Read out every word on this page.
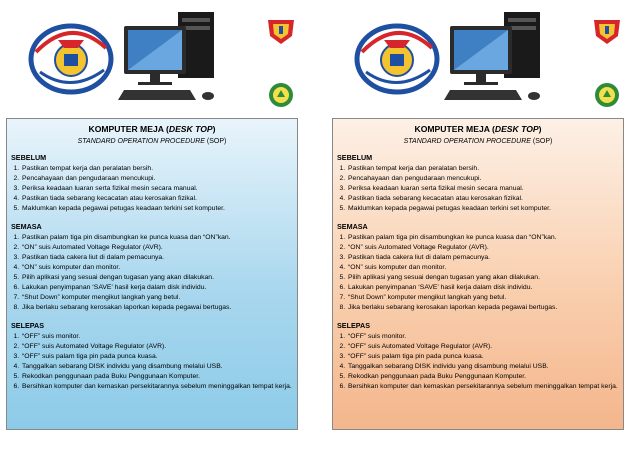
KOMPUTER MEJA (DESK TOP)
STANDARD OPERATION PROCEDURE (SOP)
SEBELUM
1. Pastikan tempat kerja dan peralatan bersih.
2. Pencahayaan dan pengudaraan mencukupi.
3. Periksa keadaan luaran serta fizikal mesin secara manual.
4. Pastikan tiada sebarang kecacatan atau kerosakan fizikal.
5. Maklumkan kepada pegawai petugas keadaan terkini set komputer.
SEMASA
1. Pastikan palam tiga pin disambungkan ke punca kuasa dan “ON”kan.
2. “ON” suis Automated Voltage Regulator (AVR).
3. Pastikan tiada cakera liut di dalam pemacunya.
4. “ON” suis komputer dan monitor.
5. Pilih aplikasi yang sesuai dengan tugasan yang akan dilakukan.
6. Lakukan penyimpanan ‘SAVE’ hasil kerja dalam disk individu.
7. “Shut Down” komputer mengikut langkah yang betul.
8. Jika berlaku sebarang kerosakan laporkan kepada pegawai bertugas.
SELEPAS
1. “OFF” suis monitor.
2. “OFF” suis Automated Voltage Regulator (AVR).
3. “OFF” suis palam tiga pin pada punca kuasa.
4. Tanggalkan sebarang DISK individu yang disambung melalui USB.
5. Rekodkan penggunaan pada Buku Penggunaan Komputer.
6. Bersihkan komputer dan kemaskan persekitarannya sebelum meninggalkan tempat kerja.
KOMPUTER MEJA (DESK TOP)
STANDARD OPERATION PROCEDURE (SOP)
SEBELUM
1. Pastikan tempat kerja dan peralatan bersih.
2. Pencahayaan dan pengudaraan mencukupi.
3. Periksa keadaan luaran serta fizikal mesin secara manual.
4. Pastikan tiada sebarang kecacatan atau kerosakan fizikal.
5. Maklumkan kepada pegawai petugas keadaan terkini set komputer.
SEMASA
1. Pastikan palam tiga pin disambungkan ke punca kuasa dan “ON”kan.
2. “ON” suis Automated Voltage Regulator (AVR).
3. Pastikan tiada cakera liut di dalam pemacunya.
4. “ON” suis komputer dan monitor.
5. Pilih aplikasi yang sesuai dengan tugasan yang akan dilakukan.
6. Lakukan penyimpanan ‘SAVE’ hasil kerja dalam disk individu.
7. “Shut Down” komputer mengikut langkah yang betul.
8. Jika berlaku sebarang kerosakan laporkan kepada pegawai bertugas.
SELEPAS
1. “OFF” suis monitor.
2. “OFF” suis Automated Voltage Regulator (AVR).
3. “OFF” suis palam tiga pin pada punca kuasa.
4. Tanggalkan sebarang DISK individu yang disambung melalui USB.
5. Rekodkan penggunaan pada Buku Penggunaan Komputer.
6. Bersihkan komputer dan kemaskan persekitarannya sebelum meninggalkan tempat kerja.
